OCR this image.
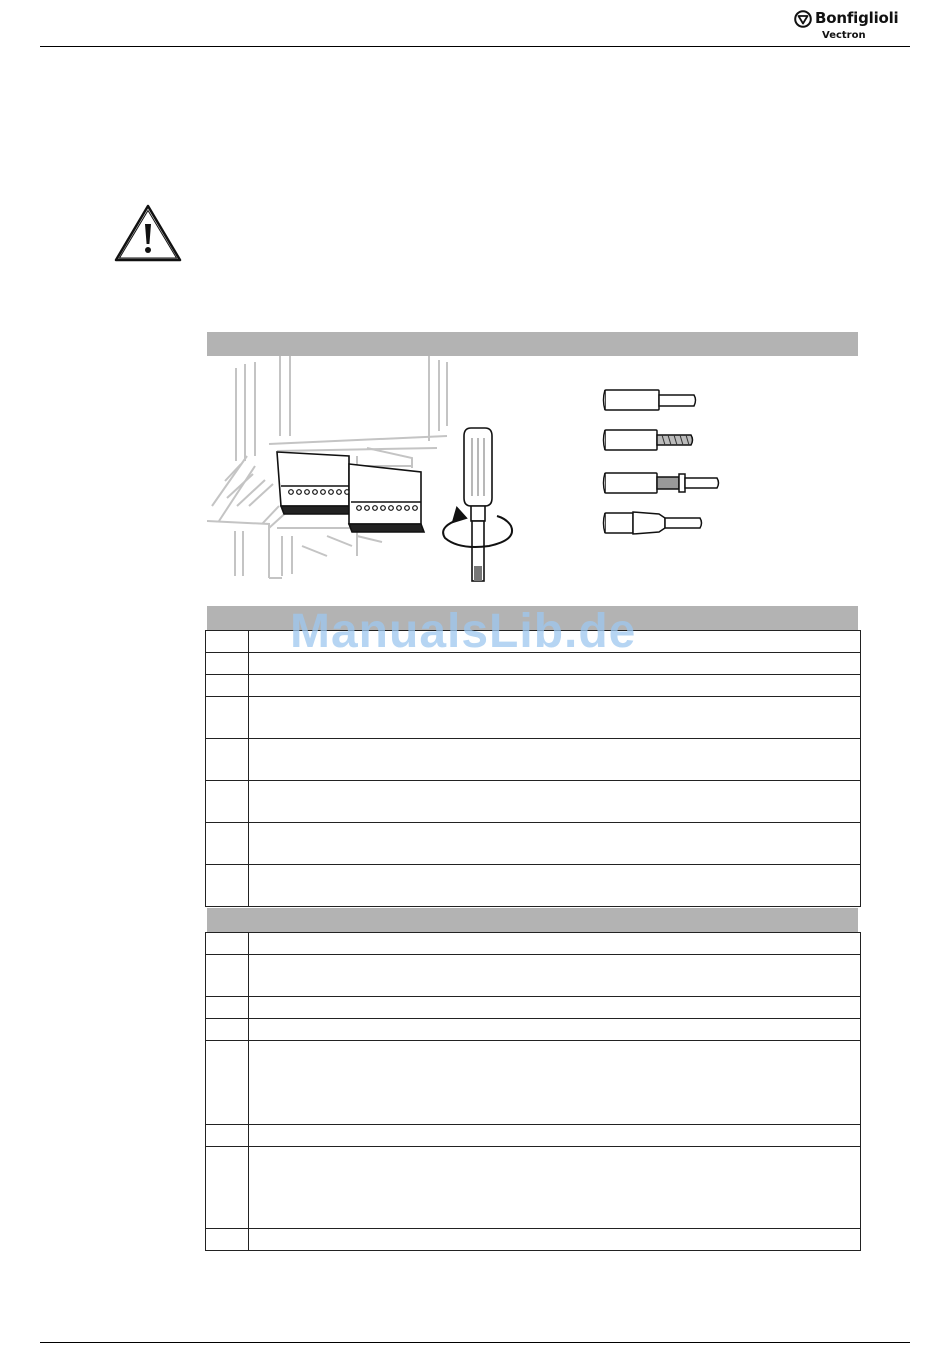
Bonfiglioli
Vectron

ManualsLib.de
